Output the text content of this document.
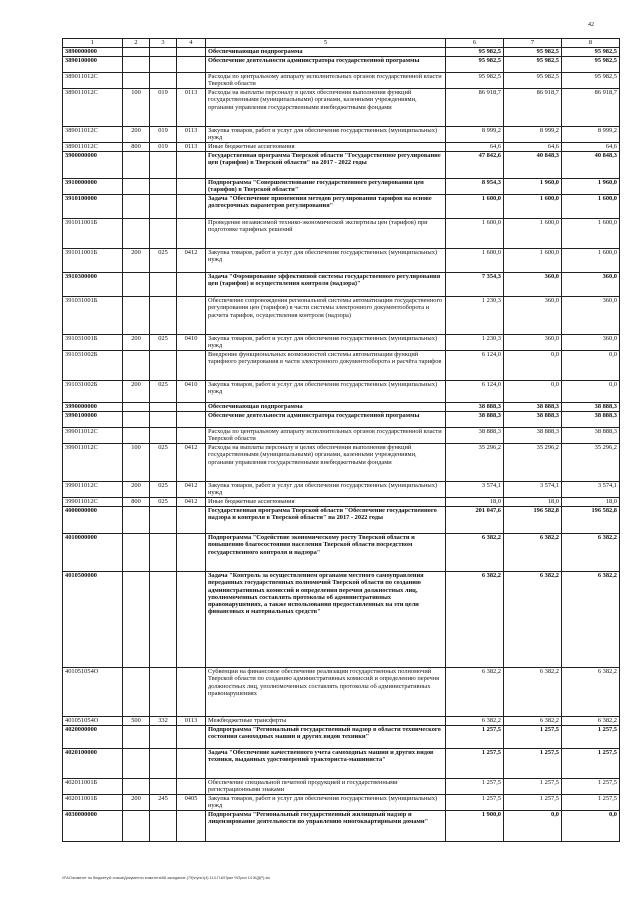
42
1	2	3	4	5	6	7	8
3890000000				Обеспечивающая подпрограмма	95 982,5	95 982,5	95 982,5
3890100000				Обеспечение деятельности администратора государственной программы	95 982,5	95 982,5	95 982,5
389011012С				Расходы по центральному аппарату исполнительных органов государственной власти Тверской области	95 982,5	95 982,5	95 982,5
389011012С	100	019	0113	Расходы на выплаты персоналу в целях обеспечения выполнения функций государственными (муниципальными) органами, казенными учреждениями, органами управления государственными внебюджетными фондами	86 918,7	86 918,7	86 918,7
389011012С	200	019	0113	Закупка товаров, работ и услуг для обеспечения государственных (муниципальных) нужд	8 999,2	8 999,2	8 999,2
389011012С	800	019	0113	Иные бюджетные ассигнования	64,6	64,6	64,6
3900000000				Государственная программа Тверской области "Государственное регулирование цен (тарифов) в Тверской области" на 2017 - 2022 годы	47 842,6	40 848,3	40 848,3
3910000000				Подпрограмма "Совершенствование государственного регулирования цен (тарифов) в Тверской области"	8 954,3	1 960,0	1 960,0
3910100000				Задача "Обеспечение применения методов регулирования тарифов на основе долгосрочных параметров регулирования"	1 600,0	1 600,0	1 600,0
391011001Б				Проведение независимой технико-экономической экспертизы цен (тарифов) при подготовке тарифных решений	1 600,0	1 600,0	1 600,0
391011001Б	200	025	0412	Закупка товаров, работ и услуг для обеспечения государственных (муниципальных) нужд	1 600,0	1 600,0	1 600,0
3910300000				Задача "Формирование эффективной системы государственного регулирования цен (тарифов) и осуществления контроля (надзора)"	7 354,3	360,0	360,0
391031001Б				Обеспечение сопровождения региональной системы автоматизации государственного регулирования цен (тарифов) в части системы электронного документооборота и расчета тарифов, осуществления контроля (надзора)	1 230,3	360,0	360,0
391031001Б	200	025	0410	Закупка товаров, работ и услуг для обеспечения государственных (муниципальных) нужд	1 230,3	360,0	360,0
391031002Б				Внедрение функциональных возможностей системы автоматизации функций тарифного регулирования в части электронного документооборота и расчёта тарифов	6 124,0	0,0	0,0
391031002Б	200	025	0410	Закупка товаров, работ и услуг для обеспечения государственных (муниципальных) нужд	6 124,0	0,0	0,0
3990000000				Обеспечивающая подпрограмма	38 888,3	38 888,3	38 888,3
3990100000				Обеспечение деятельности администратора государственной программы	38 888,3	38 888,3	38 888,3
399011012С				Расходы по центральному аппарату исполнительных органов государственной власти Тверской области	38 888,3	38 888,3	38 888,3
399011012С	100	025	0412	Расходы на выплаты персоналу в целях обеспечения выполнения функций государственными (муниципальными) органами, казенными учреждениями, органами управления государственными внебюджетными фондами	35 296,2	35 296,2	35 296,2
399011012С	200	025	0412	Закупка товаров, работ и услуг для обеспечения государственных (муниципальных) нужд	3 574,1	3 574,1	3 574,1
399011012С	800	025	0412	Иные бюджетные ассигнования	18,0	18,0	18,0
4000000000				Государственная программа Тверской области "Обеспечение государственного надзора и контроля в Тверской области" на 2017 - 2022 годы	201 047,6	196 582,8	196 582,8
4010000000				Подпрограмма "Содействие экономическому росту Тверской области и повышению благосостояния населения Тверской области посредством государственного контроля и надзора"	6 382,2	6 382,2	6 382,2
4010500000				Задача "Контроль за осуществлением органами местного самоуправления переданных государственных полномочий Тверской области по созданию административных комиссий и определения перечня должностных лиц, уполномоченных составлять протоколы об административных правонарушениях, а также использования предоставленных на эти цели финансовых и материальных средств"	6 382,2	6 382,2	6 382,2
401051054О				Субвенции на финансовое обеспечение реализации государственных полномочий Тверской области по созданию административных комиссий и определению перечня должностных лиц, уполномоченных составлять протоколы об административных правонарушениях	6 382,2	6 382,2	6 382,2
401051054О	500	332	0113	Межбюджетные трансферты	6 382,2	6 382,2	6 382,2
4020000000				Подпрограмма "Региональный государственный надзор в области технического состояния самоходных машин и других видов техники"	1 257,5	1 257,5	1 257,5
4020100000				Задача "Обеспечение качественного учета самоходных машин и других видов техники, выданных удостоверений тракториста-машиниста"	1 257,5	1 257,5	1 257,5
402011001Б				Обеспечение специальной печатной продукцией и государственными регистрационными знаками	1 257,5	1 257,5	1 257,5
402011001Б	200	245	0405	Закупка товаров, работ и услуг для обеспечения государственных (муниципальных) нужд	1 257,5	1 257,5	1 257,5
4030000000				Подпрограмма "Региональный государственный жилищный надзор и лицензирование деятельности по управлению многоквартирными домами"	1 900,0	0,0	0,0
\\FAO\комитет по бюджету\6 созыв\Документы комитета\58 заседание (79)\пункт(4) 113-П-6\Прил 9\Прил 14 Ж(ДР)-xls
